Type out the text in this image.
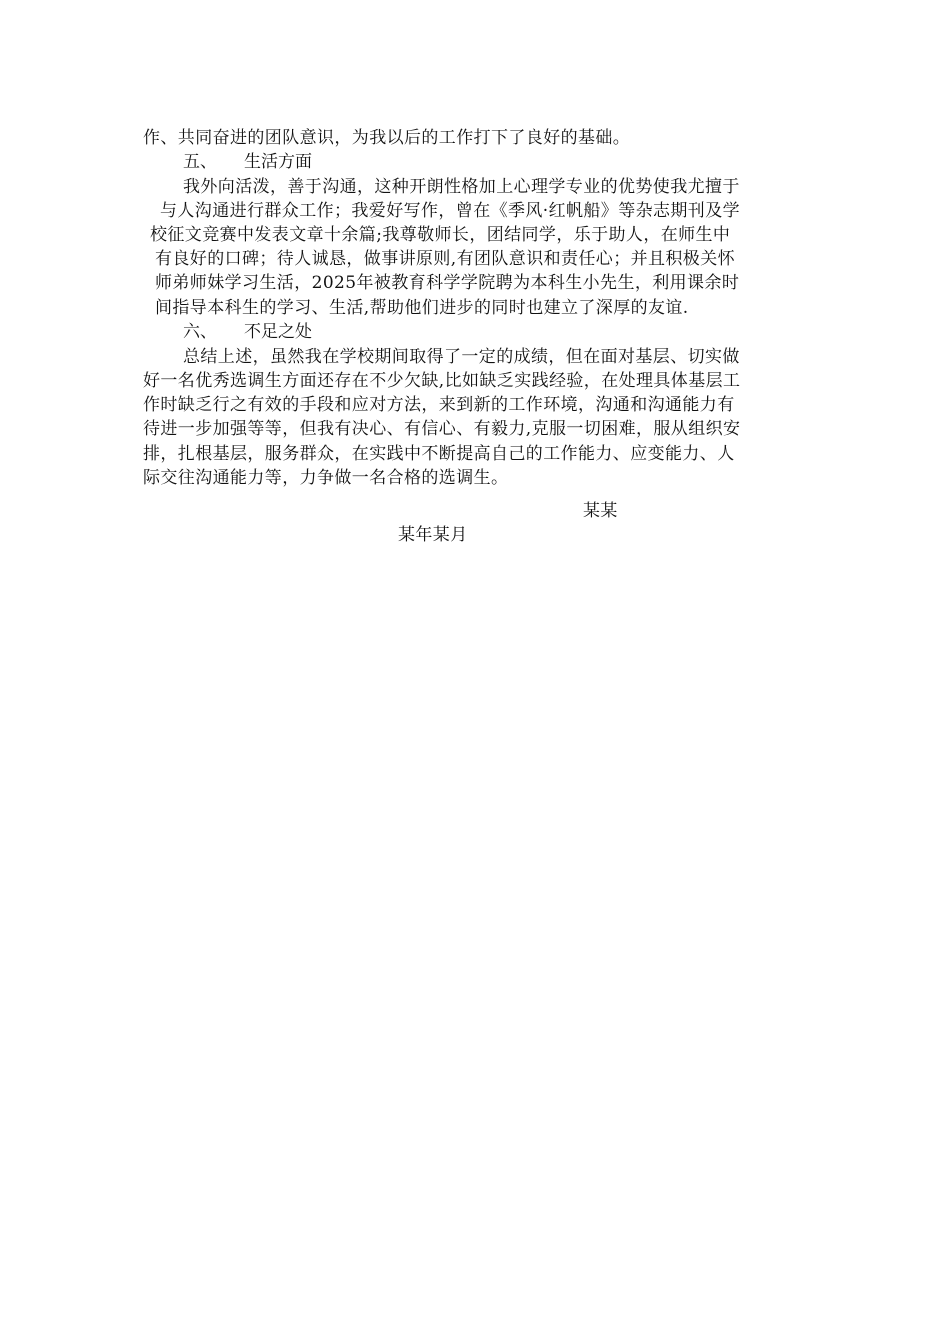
作、共同奋进的团队意识，为我以后的工作打下了良好的基础。
五、 生活方面
我外向活泼，善于沟通，这种开朗性格加上心理学专业的优势使我尤擅于
与人沟通进行群众工作；我爱好写作，曾在《季风·红帆船》等杂志期刊及学
校征文竞赛中发表文章十余篇;我尊敬师长，团结同学，乐于助人，在师生中
有良好的口碑；待人诚恳，做事讲原则,有团队意识和责任心；并且积极关怀
师弟师妹学习生活，2025年被教育科学学院聘为本科生小先生，利用课余时
间指导本科生的学习、生活,帮助他们进步的同时也建立了深厚的友谊.
六、 不足之处
总结上述，虽然我在学校期间取得了一定的成绩，但在面对基层、切实做
好一名优秀选调生方面还存在不少欠缺,比如缺乏实践经验，在处理具体基层工
作时缺乏行之有效的手段和应对方法，来到新的工作环境，沟通和沟通能力有
待进一步加强等等，但我有决心、有信心、有毅力,克服一切困难，服从组织安
排，扎根基层，服务群众，在实践中不断提高自己的工作能力、应变能力、人
际交往沟通能力等，力争做一名合格的选调生。
某某
某年某月
